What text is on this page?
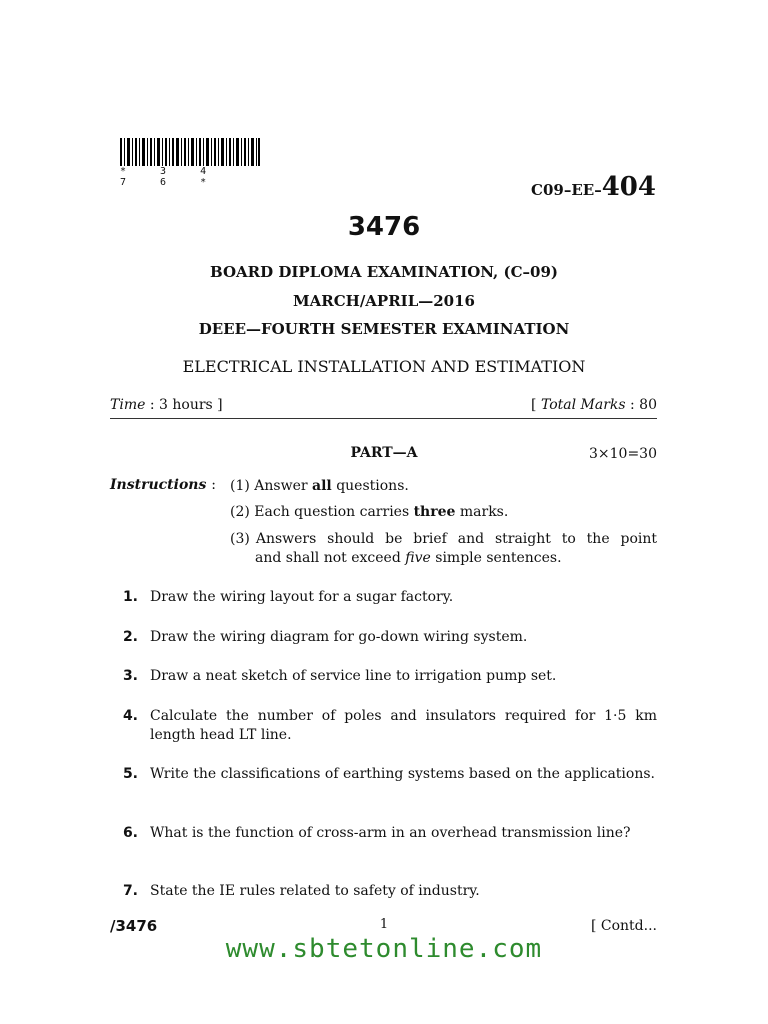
* 3 4 7 6 *	C09–EE–404
3476
BOARD DIPLOMA EXAMINATION, (C–09)
MARCH/APRIL—2016
DEEE—FOURTH SEMESTER EXAMINATION
ELECTRICAL INSTALLATION AND ESTIMATION
Time : 3 hours ]	[ Total Marks : 80
PART—A	3×10=30
Instructions : (1) Answer all questions.
(2) Each question carries three marks.
(3) Answers should be brief and straight to the point
and shall not exceed five simple sentences.
1. Draw the wiring layout for a sugar factory.
2. Draw the wiring diagram for go-down wiring system.
3. Draw a neat sketch of service line to irrigation pump set.
4. Calculate the number of poles and insulators required for 1·5 km length head LT line.
5. Write the classifications of earthing systems based on the applications.
6. What is the function of cross-arm in an overhead transmission line?
7. State the IE rules related to safety of industry.
/3476	1	[ Contd...
www.sbtetonline.com
